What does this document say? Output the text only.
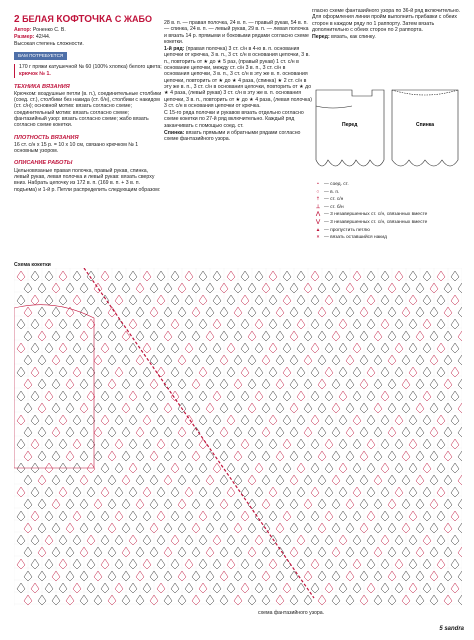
2 БЕЛАЯ КОФТОЧКА С ЖАБО

Автор: Роненко С. В.

Размер: 42/44.

Высокая степень сложности.

ВАМ ПОТРЕБУЕТСЯ

170 г пряжи катушечной № 60 (100% хлопка) белого цвета;

крючок № 1.

ТЕХНИКА ВЯЗАНИЯ

Крючком: воздушные петли (в. п.), соединительные столбики (соед. ст.), столбики без накида (ст. б/н), столбики с накидом (ст. с/н); основной мотив: вязать согласно схеме; соединительный мотив: вязать согласно схеме; фантазийный узор: вязать согласно схеме; жабо вязать согласно схеме кокетки.

ПЛОТНОСТЬ ВЯЗАНИЯ

16 ст. с/н х 15 р. = 10 х 10 см, связано крючком № 1 основным узором.

ОПИСАНИЕ РАБОТЫ

Цельновязаные правая полочка, правый рукав, спинка, левый рукав, левая полочка и левый рукав: вязать сверху вниз. Набрать цепочку из 172 в. п. (169 в. п. + 3 в. п. подъема) и 1-й р. Петли распределить следующим образом:

28 в. п. — правая полочка, 24 в. п. — правый рукав, 54 в. п. — спинка, 24 в. п. — левый рукав, 29 в. п. — левая полочка и вязать 14 р. прямыми и боковыми рядами согласно схеме кокетки.

1-й ряд: (правая полочка) 3 ст. с/н в 4-ю в. п. основания цепочки от крючка, 3 в. п., 3 ст. с/н в основания цепочки, 3 в. п., повторить от ★ до ★ 5 раз, (правый рукав) 1 ст. с/н в основание цепочки, между ст. с/н 3 в. п., 3 ст. с/н в основания цепочки, 3 в. п., 3 ст. с/н в эту же в. п. основания цепочки, повторить от ★ до ★ 4 раза, (спинка) ★ 2 ст. с/н в эту же в. п., 3 ст. с/н в основания цепочки, повторить от ★ до ★ 4 раза, (левый рукав) 3 ст. с/н в эту же в. п. основания цепочки, 3 в. п., повторить от ★ до ★ 4 раза, (левая полочка) 3 ст. с/н в основания цепочки от крючка.

С 15-го ряда полочки и рукавов вязать отдельно согласно схеме кокетки по 27-й ряд включительно. Каждый ряд заканчивать с помощью соед. ст.

Спинка: вязать прямыми и обратными рядами согласно схеме фантазийного узора.

гласно схеме фантазийного узора по 36-й ряд включительно. Для оформления линии пройм выполнить прибавки с обеих сторон в каждом ряду по 1 раппорту. Затем вязать дополнительно с обеих сторон по 2 раппорта.

Перед: вязать, как спинку.

Перед	Спинка
•	— соед. ст.
○ — в. п.
† — ст. с/н
⊥ — ст. б/н
⋀ — 3 незавершенных ст. с/н, связанных вместе
⋁ — 3 незавершенных ст. с/н, связанных вместе
▲ — пропустить петлю
× — вязать оставшийся накид
Схема кокетки
схема фантазийного узора.
5 sandra
